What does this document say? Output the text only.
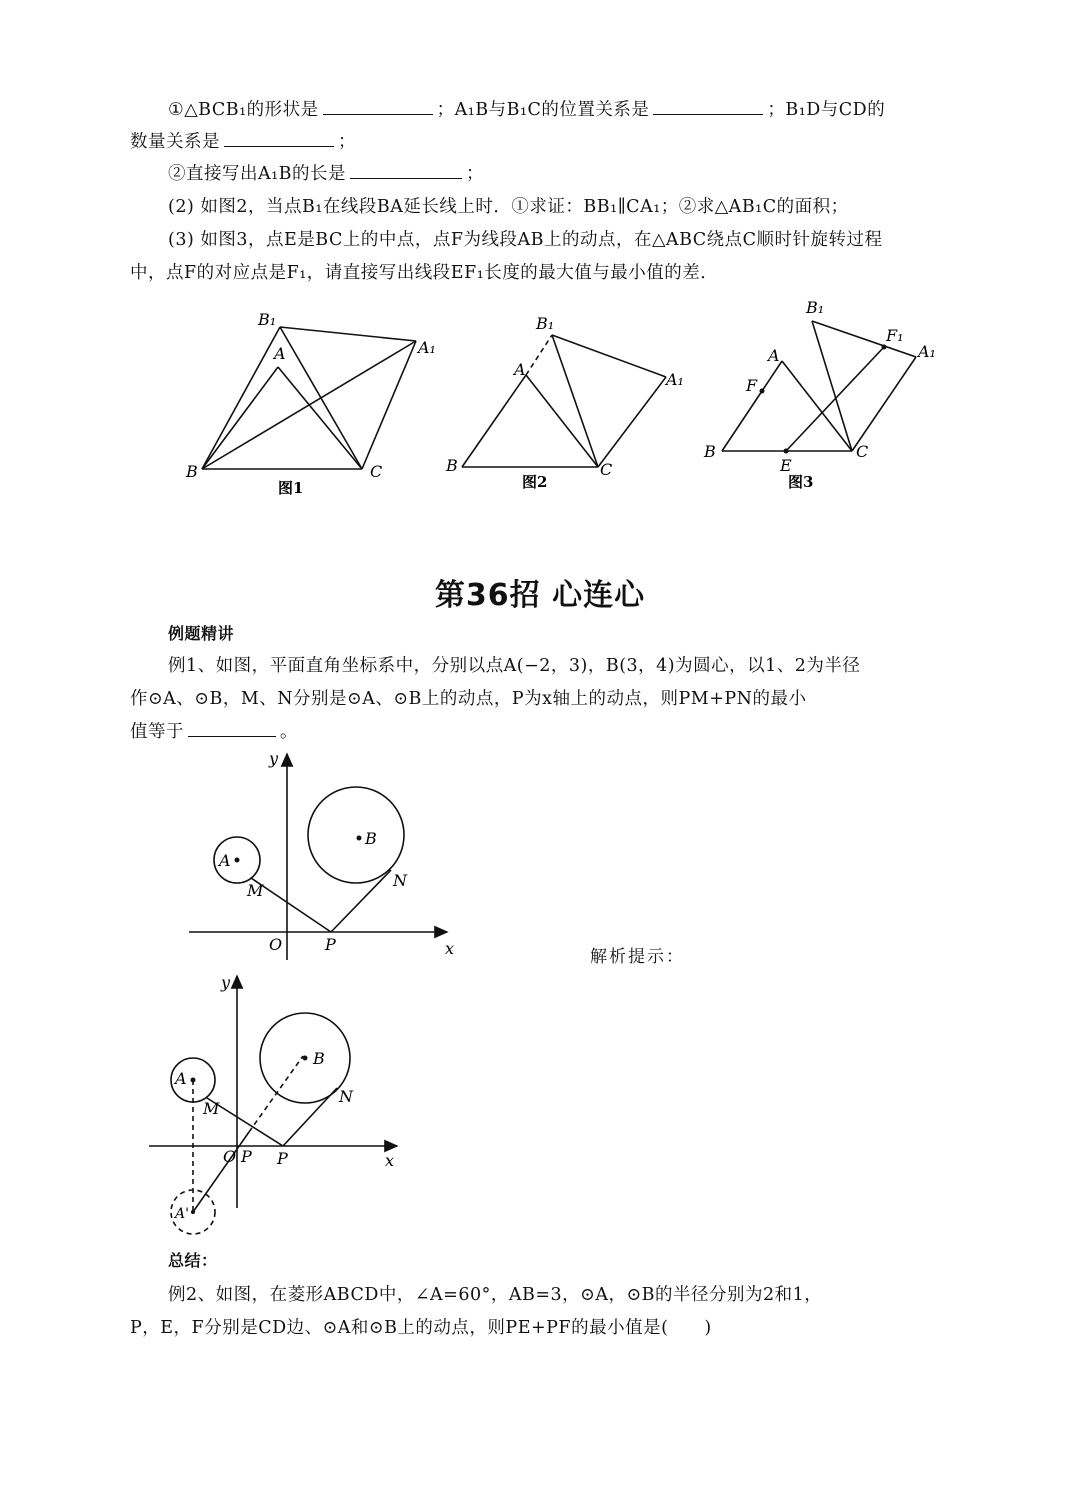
①△BCB₁的形状是	；A₁B与B₁C的位置关系是	；B₁D与CD的
数量关系是	；
②直接写出A₁B的长是	；
(2) 如图2，当点B₁在线段BA延长线上时．①求证：BB₁∥CA₁；②求△AB₁C的面积；
(3) 如图3，点E是BC上的中点，点F为线段AB上的动点，在△ABC绕点C顺时针旋转过程
中，点F的对应点是F₁，请直接写出线段EF₁长度的最大值与最小值的差．
B₁
A	A₁
B	C
图1
B₁
A
A₁
B	C
图2
B₁
A
F
F₁
A₁
B
E
C
图3
第36招 心连心
例题精讲
例1、如图，平面直角坐标系中，分别以点A(−2，3)，B(3，4)为圆心，以1、2为半径
作⊙A、⊙B，M、N分别是⊙A、⊙B上的动点，P为x轴上的动点，则PM+PN的最小
值等于	。
y
x
O
A
B
M
N
P
解析提示：
y
x
O
A
A'
B
M
N
P P
总结：
例2、如图，在菱形ABCD中，∠A=60°，AB=3，⊙A，⊙B的半径分别为2和1，
P，E，F分别是CD边、⊙A和⊙B上的动点，则PE+PF的最小值是(　　)
